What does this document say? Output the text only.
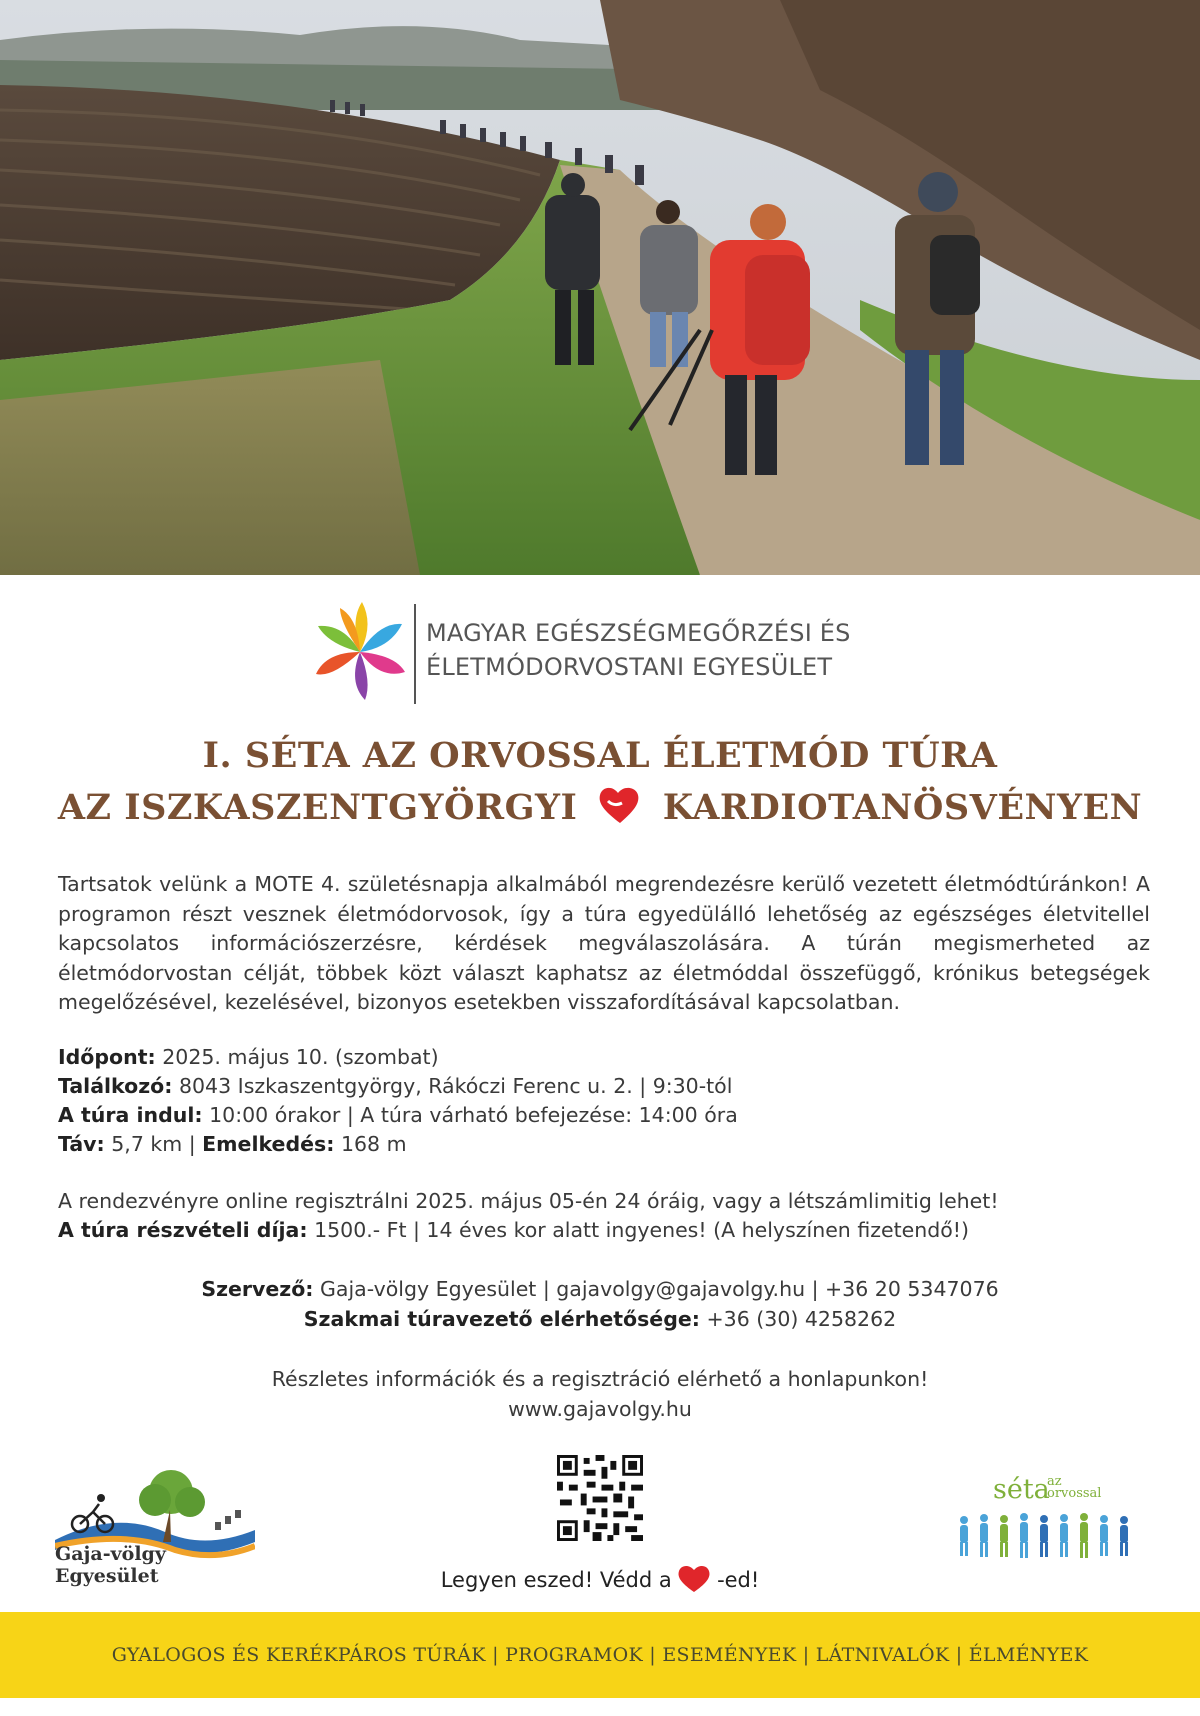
MAGYAR EGÉSZSÉGMEGŐRZÉSI ÉS
ÉLETMÓDORVOSTANI EGYESÜLET
I. SÉTA AZ ORVOSSAL ÉLETMÓD TÚRA
AZ ISZKASZENTGYÖRGYI KARDIOTANÖSVÉNYEN

Tartsatok velünk a MOTE 4. születésnapja alkalmából megrendezésre kerülő vezetett életmódtúránkon! A programon részt vesznek életmódorvosok, így a túra egyedülálló lehetőség az egészséges életvitellel kapcsolatos információszerzésre, kérdések megválaszolására. A túrán megismerheted az életmódorvostan célját, többek közt választ kaphatsz az életmóddal összefüggő, krónikus betegségek megelőzésével, kezelésével, bizonyos esetekben visszafordításával kapcsolatban.

Időpont: 2025. május 10. (szombat)
Találkozó: 8043 Iszkaszentgyörgy, Rákóczi Ferenc u. 2. | 9:30-tól
A túra indul: 10:00 órakor | A túra várható befejezése: 14:00 óra
Táv: 5,7 km | Emelkedés: 168 m
A rendezvényre online regisztrálni 2025. május 05-én 24 óráig, vagy a létszámlimitig lehet!
A túra részvételi díja: 1500.- Ft | 14 éves kor alatt ingyenes! (A helyszínen fizetendő!)
Szervező: Gaja-völgy Egyesület | gajavolgy@gajavolgy.hu | +36 20 5347076
Szakmai túravezető elérhetősége: +36 (30) 4258262
Részletes információk és a regisztráció elérhető a honlapunkon!
www.gajavolgy.hu
Gaja-völgy Egyesület	Legyen eszed! Védd a -ed!
séta
az
orvossal
GYALOGOS ÉS KERÉKPÁROS TÚRÁK | PROGRAMOK | ESEMÉNYEK | LÁTNIVALÓK | ÉLMÉNYEK
